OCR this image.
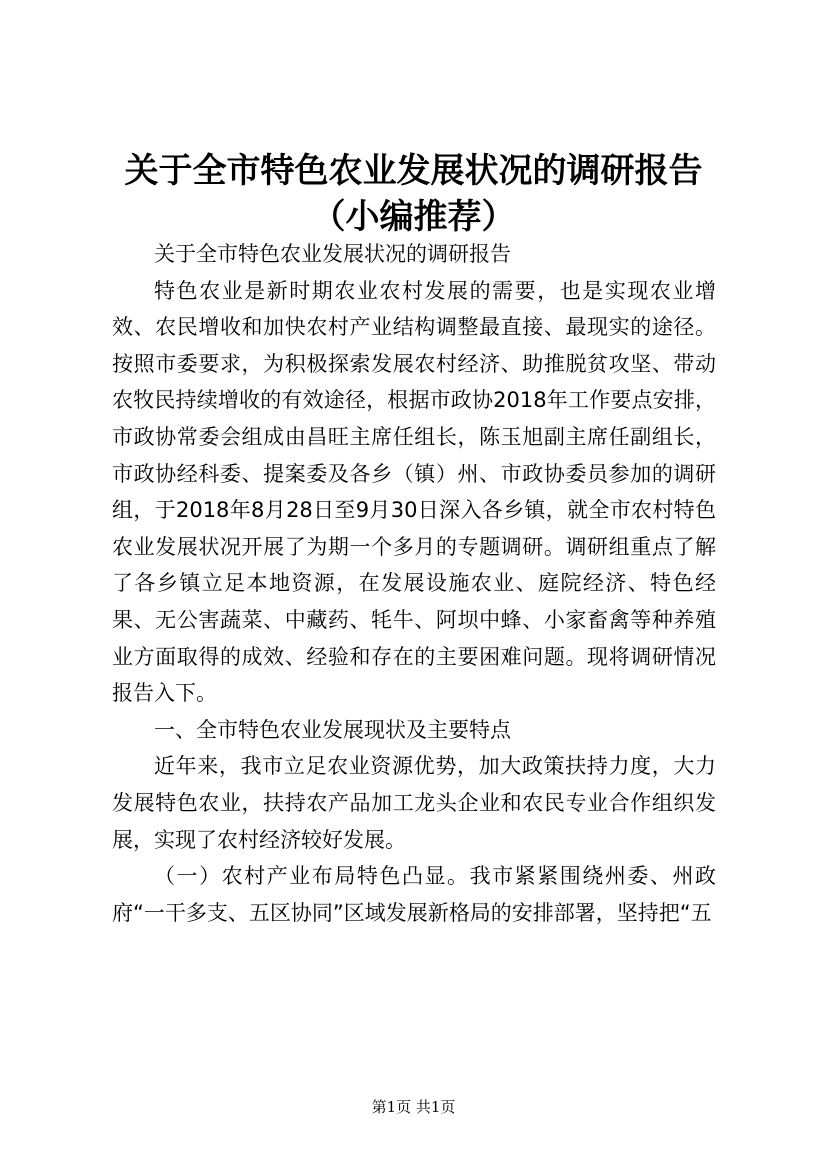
关于全市特色农业发展状况的调研报告（小编推荐）

关于全市特色农业发展状况的调研报告

特色农业是新时期农业农村发展的需要，也是实现农业增效、农民增收和加快农村产业结构调整最直接、最现实的途径。按照市委要求，为积极探索发展农村经济、助推脱贫攻坚、带动农牧民持续增收的有效途径，根据市政协2018年工作要点安排，市政协常委会组成由昌旺主席任组长，陈玉旭副主席任副组长，市政协经科委、提案委及各乡（镇）州、市政协委员参加的调研组，于2018年8月28日至9月30日深入各乡镇，就全市农村特色农业发展状况开展了为期一个多月的专题调研。调研组重点了解了各乡镇立足本地资源，在发展设施农业、庭院经济、特色经果、无公害蔬菜、中藏药、牦牛、阿坝中蜂、小家畜禽等种养殖业方面取得的成效、经验和存在的主要困难问题。现将调研情况报告入下。

一、全市特色农业发展现状及主要特点

近年来，我市立足农业资源优势，加大政策扶持力度，大力发展特色农业，扶持农产品加工龙头企业和农民专业合作组织发展，实现了农村经济较好发展。

（一）农村产业布局特色凸显。我市紧紧围绕州委、州政府“一干多支、五区协同”区域发展新格局的安排部署，坚持把“五

第1页 共1页
